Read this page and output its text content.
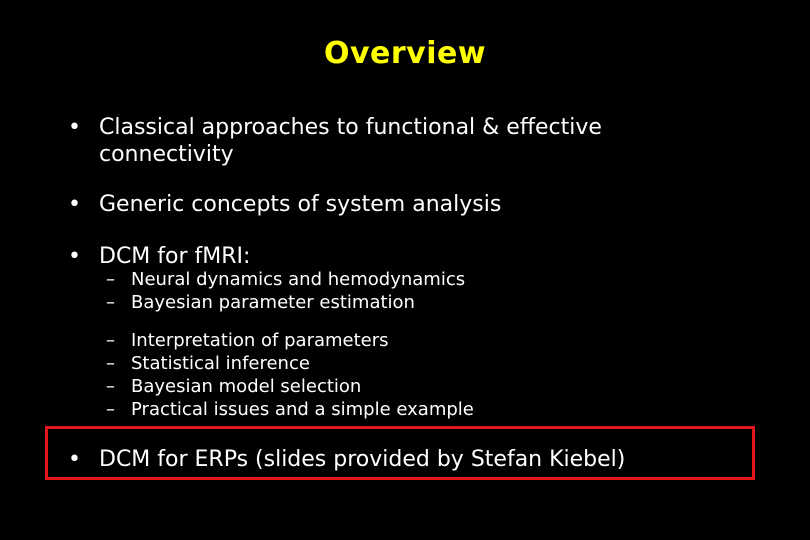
Overview
• Classical approaches to functional & effective
connectivity
• Generic concepts of system analysis
• DCM for fMRI:
– Neural dynamics and hemodynamics
– Bayesian parameter estimation
– Interpretation of parameters
– Statistical inference
– Bayesian model selection
– Practical issues and a simple example
• DCM for ERPs (slides provided by Stefan Kiebel)
